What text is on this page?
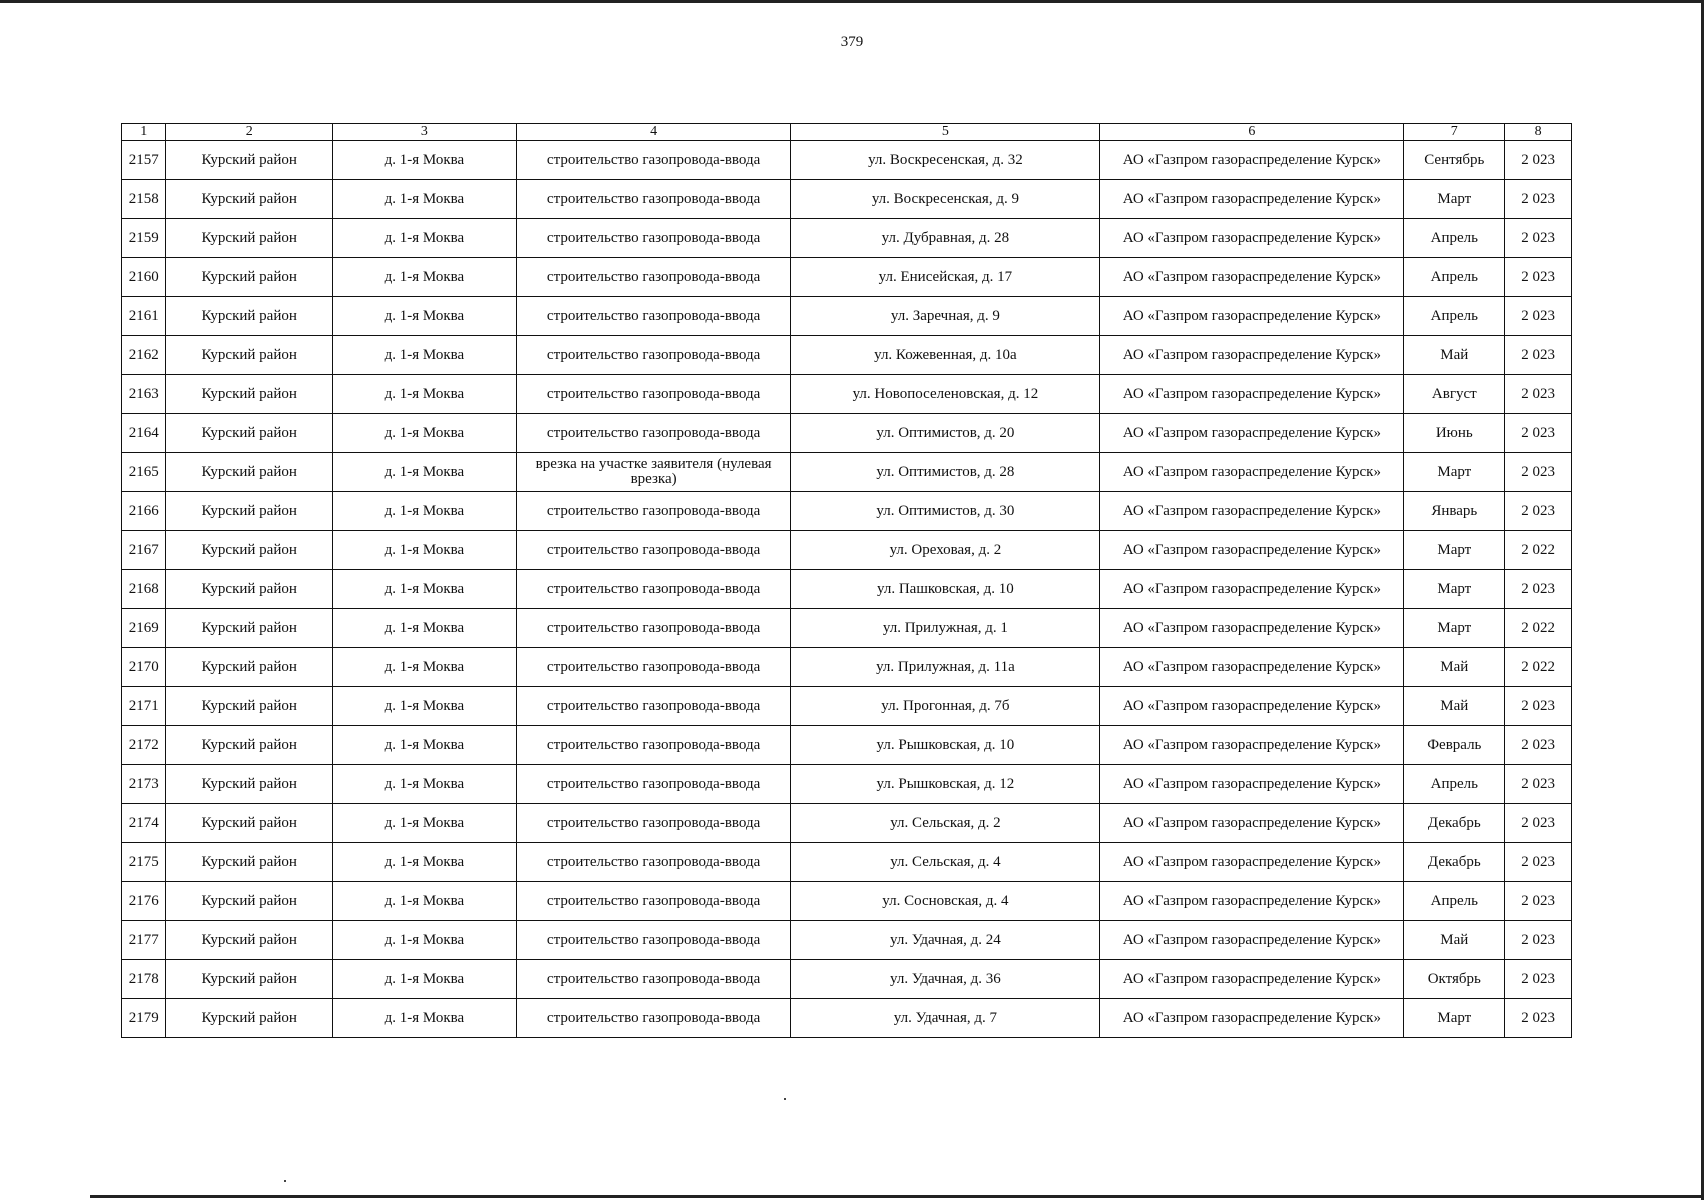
379
1	2	3	4	5	6	7	8
2157	Курский район	д. 1-я Моква	строительство газопровода-ввода	ул. Воскресенская, д. 32	АО «Газпром газораспределение Курск»	Сентябрь	2 023
2158	Курский район	д. 1-я Моква	строительство газопровода-ввода	ул. Воскресенская, д. 9	АО «Газпром газораспределение Курск»	Март	2 023
2159	Курский район	д. 1-я Моква	строительство газопровода-ввода	ул. Дубравная, д. 28	АО «Газпром газораспределение Курск»	Апрель	2 023
2160	Курский район	д. 1-я Моква	строительство газопровода-ввода	ул. Енисейская, д. 17	АО «Газпром газораспределение Курск»	Апрель	2 023
2161	Курский район	д. 1-я Моква	строительство газопровода-ввода	ул. Заречная, д. 9	АО «Газпром газораспределение Курск»	Апрель	2 023
2162	Курский район	д. 1-я Моква	строительство газопровода-ввода	ул. Кожевенная, д. 10а	АО «Газпром газораспределение Курск»	Май	2 023
2163	Курский район	д. 1-я Моква	строительство газопровода-ввода	ул. Новопоселеновская, д. 12	АО «Газпром газораспределение Курск»	Август	2 023
2164	Курский район	д. 1-я Моква	строительство газопровода-ввода	ул. Оптимистов, д. 20	АО «Газпром газораспределение Курск»	Июнь	2 023
2165	Курский район	д. 1-я Моква	врезка на участке заявителя (нулевая врезка)	ул. Оптимистов, д. 28	АО «Газпром газораспределение Курск»	Март	2 023
2166	Курский район	д. 1-я Моква	строительство газопровода-ввода	ул. Оптимистов, д. 30	АО «Газпром газораспределение Курск»	Январь	2 023
2167	Курский район	д. 1-я Моква	строительство газопровода-ввода	ул. Ореховая, д. 2	АО «Газпром газораспределение Курск»	Март	2 022
2168	Курский район	д. 1-я Моква	строительство газопровода-ввода	ул. Пашковская, д. 10	АО «Газпром газораспределение Курск»	Март	2 023
2169	Курский район	д. 1-я Моква	строительство газопровода-ввода	ул. Прилужная, д. 1	АО «Газпром газораспределение Курск»	Март	2 022
2170	Курский район	д. 1-я Моква	строительство газопровода-ввода	ул. Прилужная, д. 11а	АО «Газпром газораспределение Курск»	Май	2 022
2171	Курский район	д. 1-я Моква	строительство газопровода-ввода	ул. Прогонная, д. 7б	АО «Газпром газораспределение Курск»	Май	2 023
2172	Курский район	д. 1-я Моква	строительство газопровода-ввода	ул. Рышковская, д. 10	АО «Газпром газораспределение Курск»	Февраль	2 023
2173	Курский район	д. 1-я Моква	строительство газопровода-ввода	ул. Рышковская, д. 12	АО «Газпром газораспределение Курск»	Апрель	2 023
2174	Курский район	д. 1-я Моква	строительство газопровода-ввода	ул. Сельская, д. 2	АО «Газпром газораспределение Курск»	Декабрь	2 023
2175	Курский район	д. 1-я Моква	строительство газопровода-ввода	ул. Сельская, д. 4	АО «Газпром газораспределение Курск»	Декабрь	2 023
2176	Курский район	д. 1-я Моква	строительство газопровода-ввода	ул. Сосновская, д. 4	АО «Газпром газораспределение Курск»	Апрель	2 023
2177	Курский район	д. 1-я Моква	строительство газопровода-ввода	ул. Удачная, д. 24	АО «Газпром газораспределение Курск»	Май	2 023
2178	Курский район	д. 1-я Моква	строительство газопровода-ввода	ул. Удачная, д. 36	АО «Газпром газораспределение Курск»	Октябрь	2 023
2179	Курский район	д. 1-я Моква	строительство газопровода-ввода	ул. Удачная, д. 7	АО «Газпром газораспределение Курск»	Март	2 023
